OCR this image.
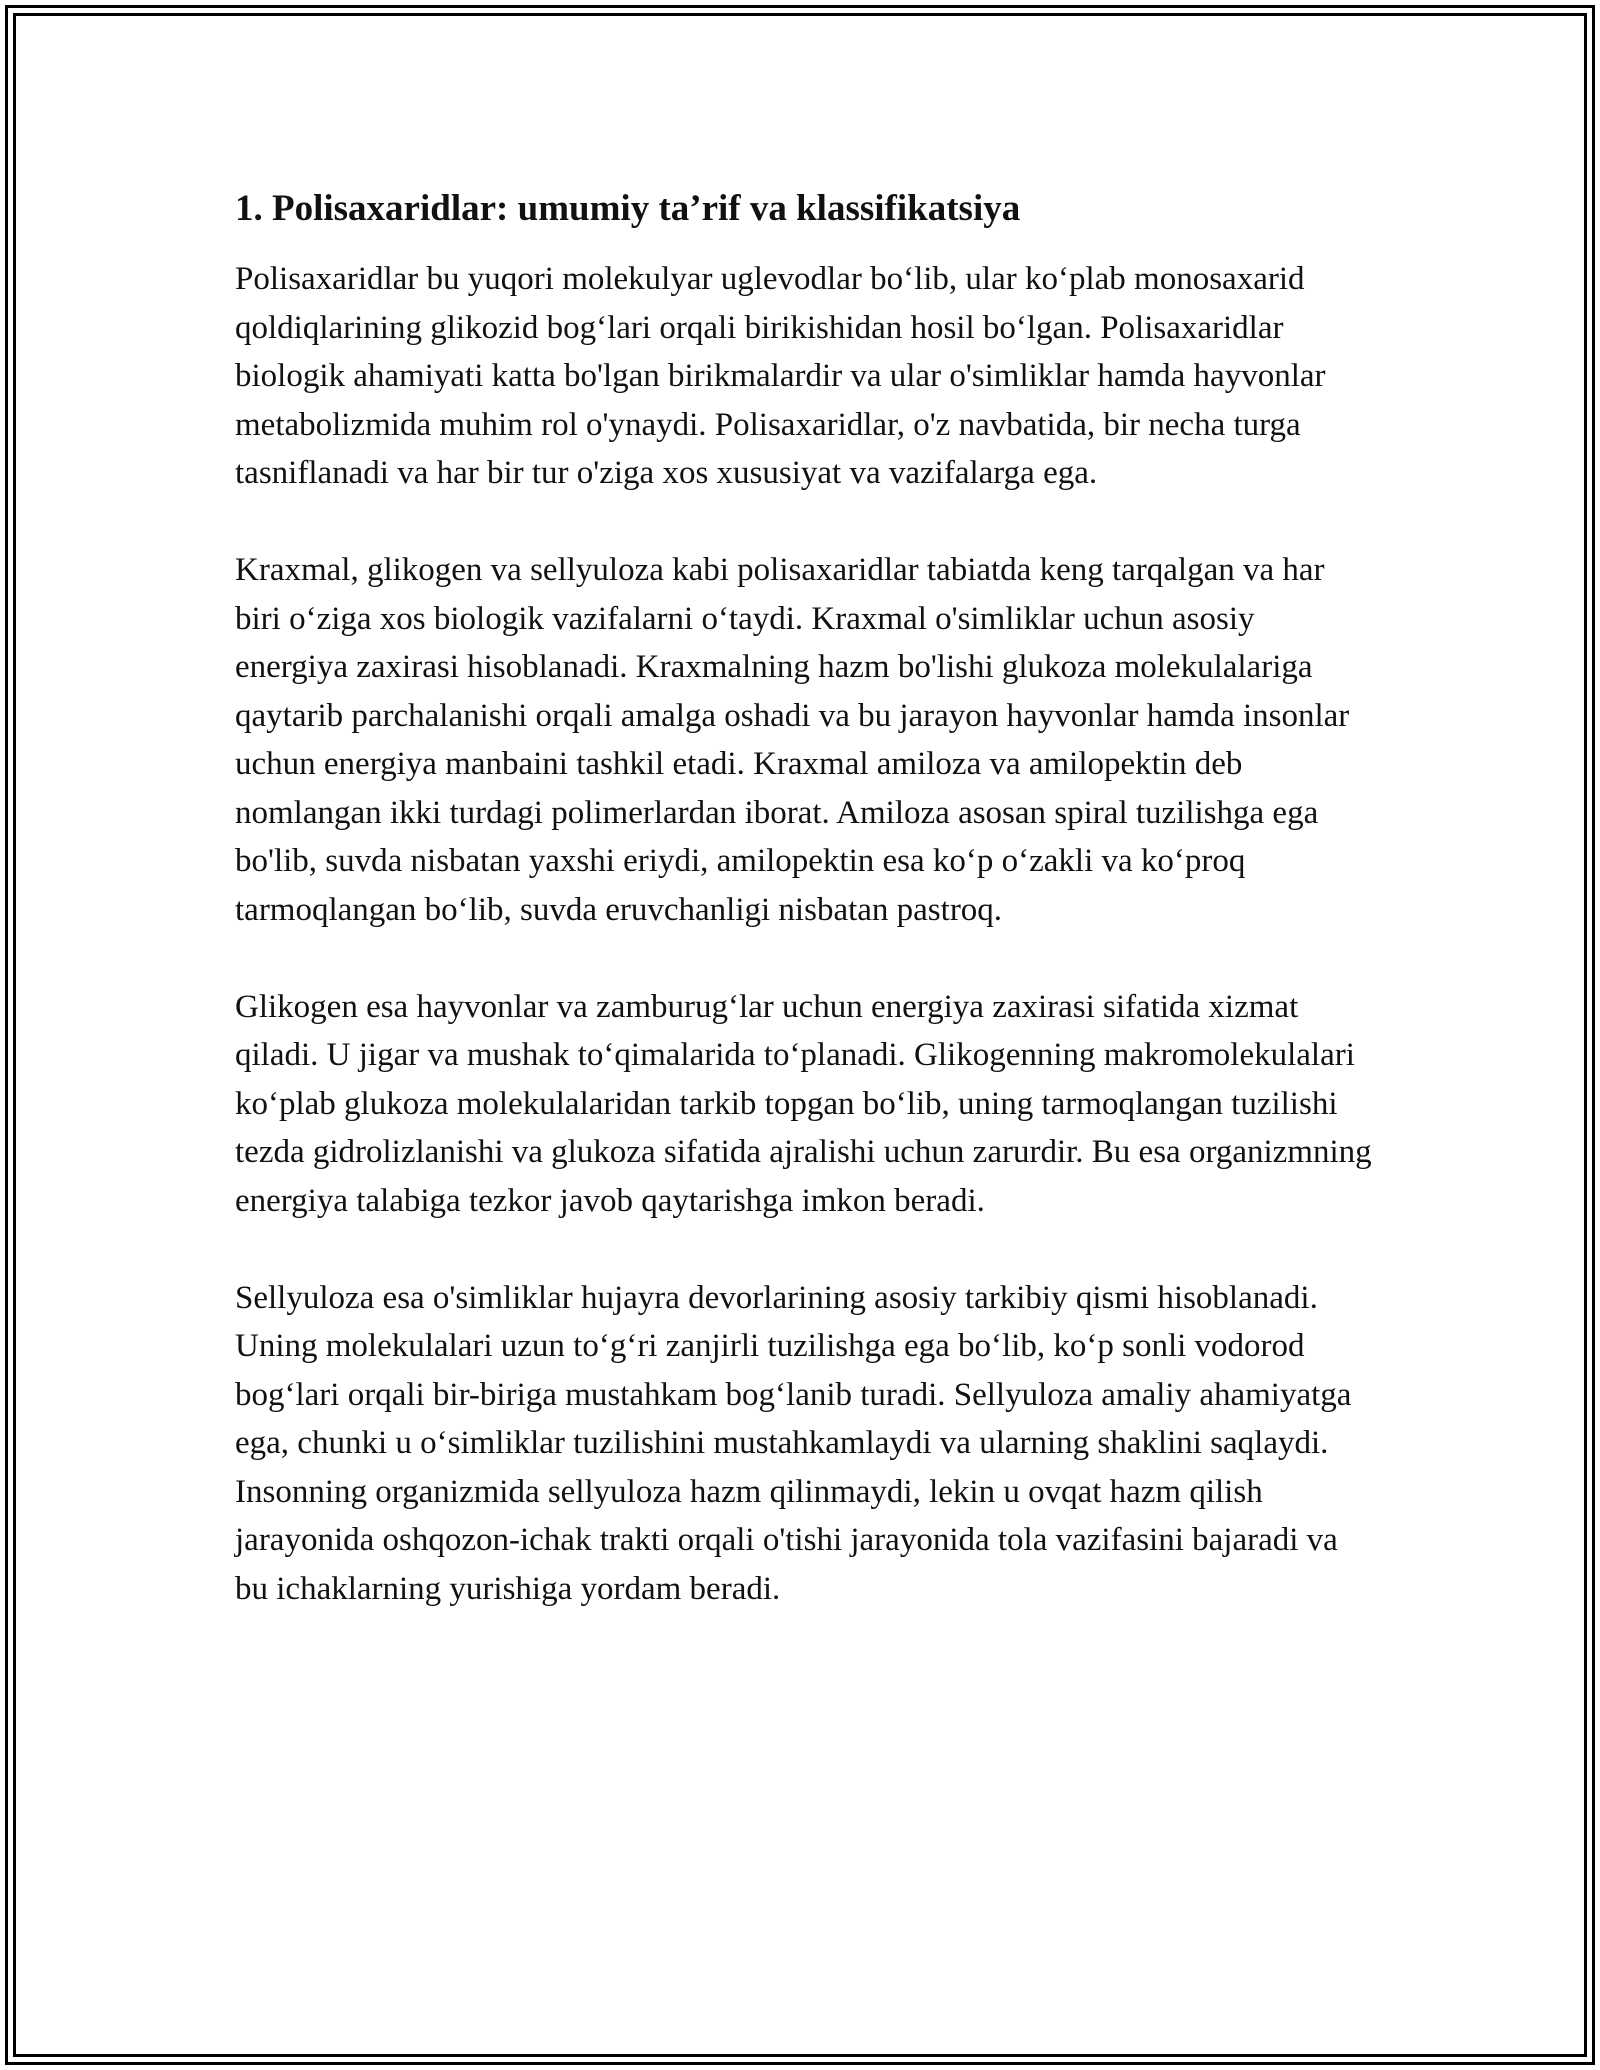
1. Polisaxaridlar: umumiy ta’rif va klassifikatsiya

Polisaxaridlar bu yuqori molekulyar uglevodlar bo‘lib, ular ko‘plab monosaxarid qoldiqlarining glikozid bog‘lari orqali birikishidan hosil bo‘lgan. Polisaxaridlar biologik ahamiyati katta bo'lgan birikmalardir va ular o'simliklar hamda hayvonlar metabolizmida muhim rol o'ynaydi. Polisaxaridlar, o'z navbatida, bir necha turga tasniflanadi va har bir tur o'ziga xos xususiyat va vazifalarga ega.

Kraxmal, glikogen va sellyuloza kabi polisaxaridlar tabiatda keng tarqalgan va har biri o‘ziga xos biologik vazifalarni o‘taydi. Kraxmal o'simliklar uchun asosiy energiya zaxirasi hisoblanadi. Kraxmalning hazm bo'lishi glukoza molekulalariga qaytarib parchalanishi orqali amalga oshadi va bu jarayon hayvonlar hamda insonlar uchun energiya manbaini tashkil etadi. Kraxmal amiloza va amilopektin deb nomlangan ikki turdagi polimerlardan iborat. Amiloza asosan spiral tuzilishga ega bo'lib, suvda nisbatan yaxshi eriydi, amilopektin esa ko‘p o‘zakli va ko‘proq tarmoqlangan bo‘lib, suvda eruvchanligi nisbatan pastroq.

Glikogen esa hayvonlar va zamburug‘lar uchun energiya zaxirasi sifatida xizmat qiladi. U jigar va mushak to‘qimalarida to‘planadi. Glikogenning makromolekulalari ko‘plab glukoza molekulalaridan tarkib topgan bo‘lib, uning tarmoqlangan tuzilishi tezda gidrolizlanishi va glukoza sifatida ajralishi uchun zarurdir. Bu esa organizmning energiya talabiga tezkor javob qaytarishga imkon beradi.

Sellyuloza esa o'simliklar hujayra devorlarining asosiy tarkibiy qismi hisoblanadi. Uning molekulalari uzun to‘g‘ri zanjirli tuzilishga ega bo‘lib, ko‘p sonli vodorod bog‘lari orqali bir-biriga mustahkam bog‘lanib turadi. Sellyuloza amaliy ahamiyatga ega, chunki u o‘simliklar tuzilishini mustahkamlaydi va ularning shaklini saqlaydi. Insonning organizmida sellyuloza hazm qilinmaydi, lekin u ovqat hazm qilish jarayonida oshqozon-ichak trakti orqali o'tishi jarayonida tola vazifasini bajaradi va bu ichaklarning yurishiga yordam beradi.
